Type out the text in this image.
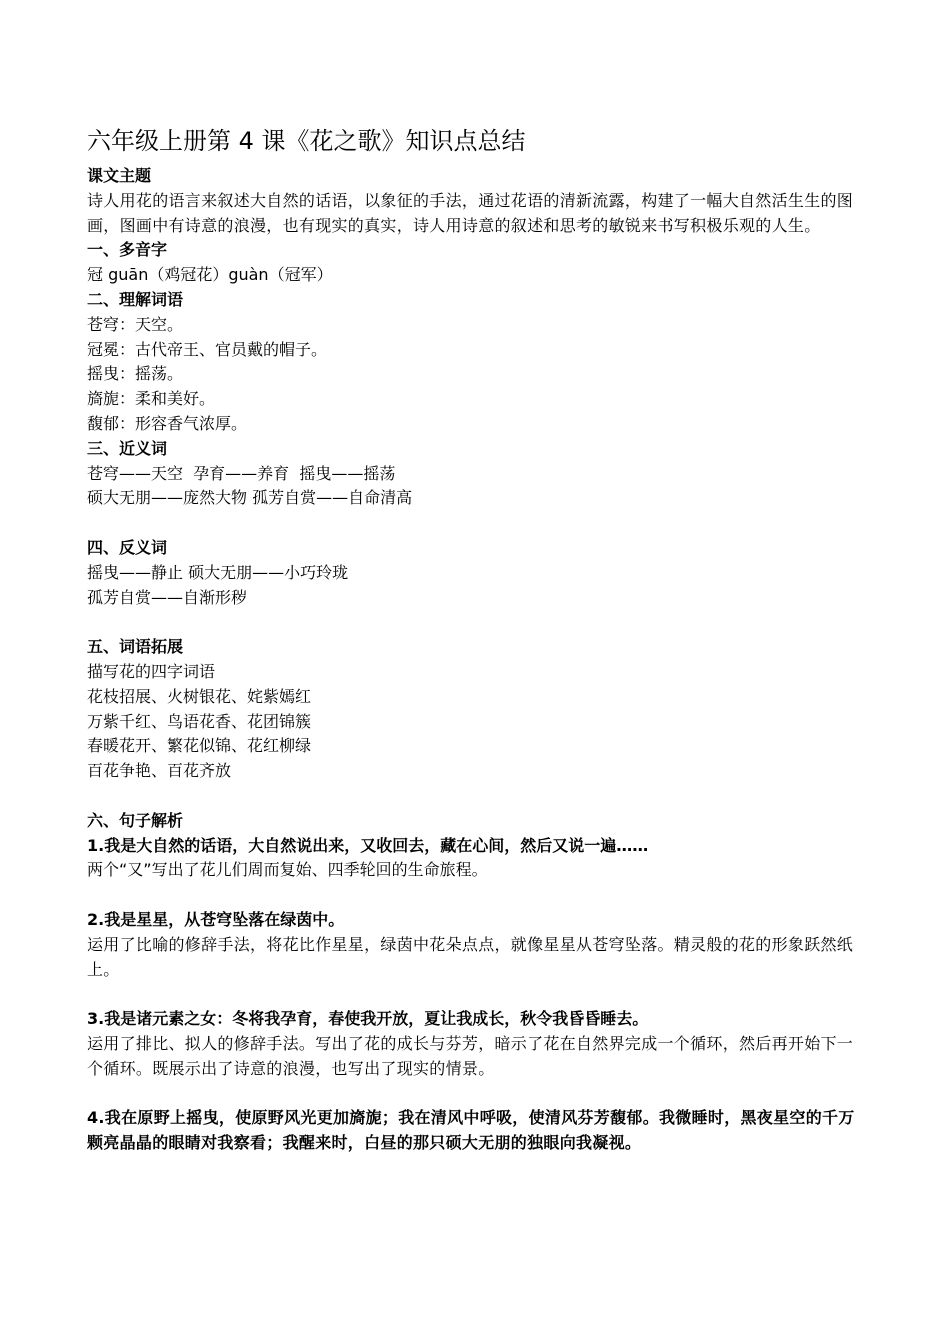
六年级上册第 4 课《花之歌》知识点总结
课文主题
诗人用花的语言来叙述大自然的话语，以象征的手法，通过花语的清新流露，构建了一幅大自然活生生的图画，图画中有诗意的浪漫，也有现实的真实，诗人用诗意的叙述和思考的敏锐来书写积极乐观的人生。
一、多音字
冠 guān（鸡冠花）guàn（冠军）
二、理解词语
苍穹：天空。
冠冕：古代帝王、官员戴的帽子。
摇曳：摇荡。
旖旎：柔和美好。
馥郁：形容香气浓厚。
三、近义词
苍穹——天空  孕育——养育  摇曳——摇荡
硕大无朋——庞然大物 孤芳自赏——自命清高
四、反义词
摇曳——静止 硕大无朋——小巧玲珑
孤芳自赏——自渐形秽
五、词语拓展
描写花的四字词语
花枝招展、火树银花、姹紫嫣红
万紫千红、鸟语花香、花团锦簇
春暖花开、繁花似锦、花红柳绿
百花争艳、百花齐放
六、句子解析
1.我是大自然的话语，大自然说出来，又收回去，藏在心间，然后又说一遍……
两个“又”写出了花儿们周而复始、四季轮回的生命旅程。
2.我是星星，从苍穹坠落在绿茵中。
运用了比喻的修辞手法，将花比作星星，绿茵中花朵点点，就像星星从苍穹坠落。精灵般的花的形象跃然纸上。
3.我是诸元素之女：冬将我孕育，春使我开放，夏让我成长，秋令我昏昏睡去。
运用了排比、拟人的修辞手法。写出了花的成长与芬芳，暗示了花在自然界完成一个循环，然后再开始下一个循环。既展示出了诗意的浪漫，也写出了现实的情景。
4.我在原野上摇曳，使原野风光更加旖旎；我在清风中呼吸，使清风芬芳馥郁。我微睡时，黑夜星空的千万颗亮晶晶的眼睛对我察看；我醒来时，白昼的那只硕大无朋的独眼向我凝视。
